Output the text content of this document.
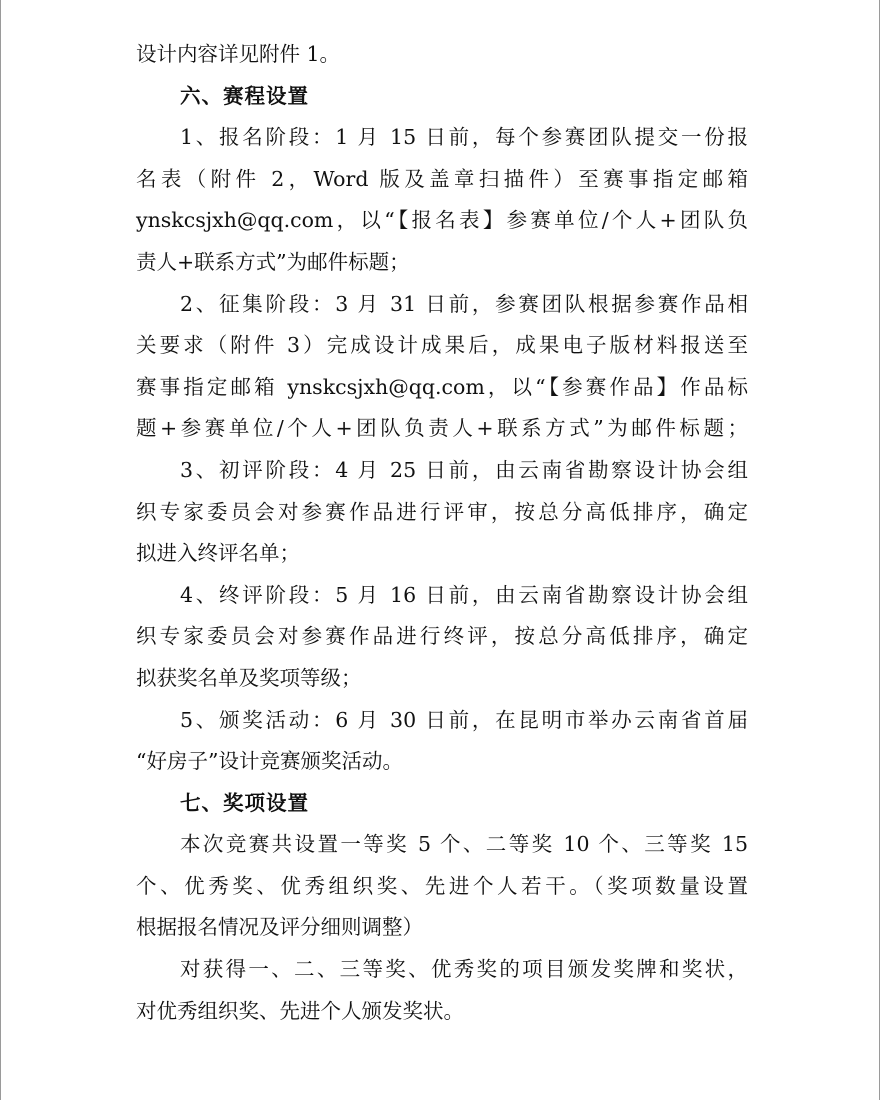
设计内容详见附件 1。
六、赛程设置
1、报名阶段：1 月 15 日前，每个参赛团队提交一份报
名表（附件 2，Word 版及盖章扫描件）至赛事指定邮箱
ynskcsjxh@qq.com，以“【报名表】参赛单位/个人+团队负
责人+联系方式”为邮件标题；
2、征集阶段：3 月 31 日前，参赛团队根据参赛作品相
关要求（附件 3）完成设计成果后，成果电子版材料报送至
赛事指定邮箱 ynskcsjxh@qq.com，以“【参赛作品】作品标
题+参赛单位/个人+团队负责人+联系方式”为邮件标题；
3、初评阶段：4 月 25 日前，由云南省勘察设计协会组
织专家委员会对参赛作品进行评审，按总分高低排序，确定
拟进入终评名单；
4、终评阶段：5 月 16 日前，由云南省勘察设计协会组
织专家委员会对参赛作品进行终评，按总分高低排序，确定
拟获奖名单及奖项等级；
5、颁奖活动：6 月 30 日前，在昆明市举办云南省首届
“好房子”设计竞赛颁奖活动。
七、奖项设置
本次竞赛共设置一等奖 5 个、二等奖 10 个、三等奖 15
个、优秀奖、优秀组织奖、先进个人若干。（奖项数量设置
根据报名情况及评分细则调整）
对获得一、二、三等奖、优秀奖的项目颁发奖牌和奖状，
对优秀组织奖、先进个人颁发奖状。
